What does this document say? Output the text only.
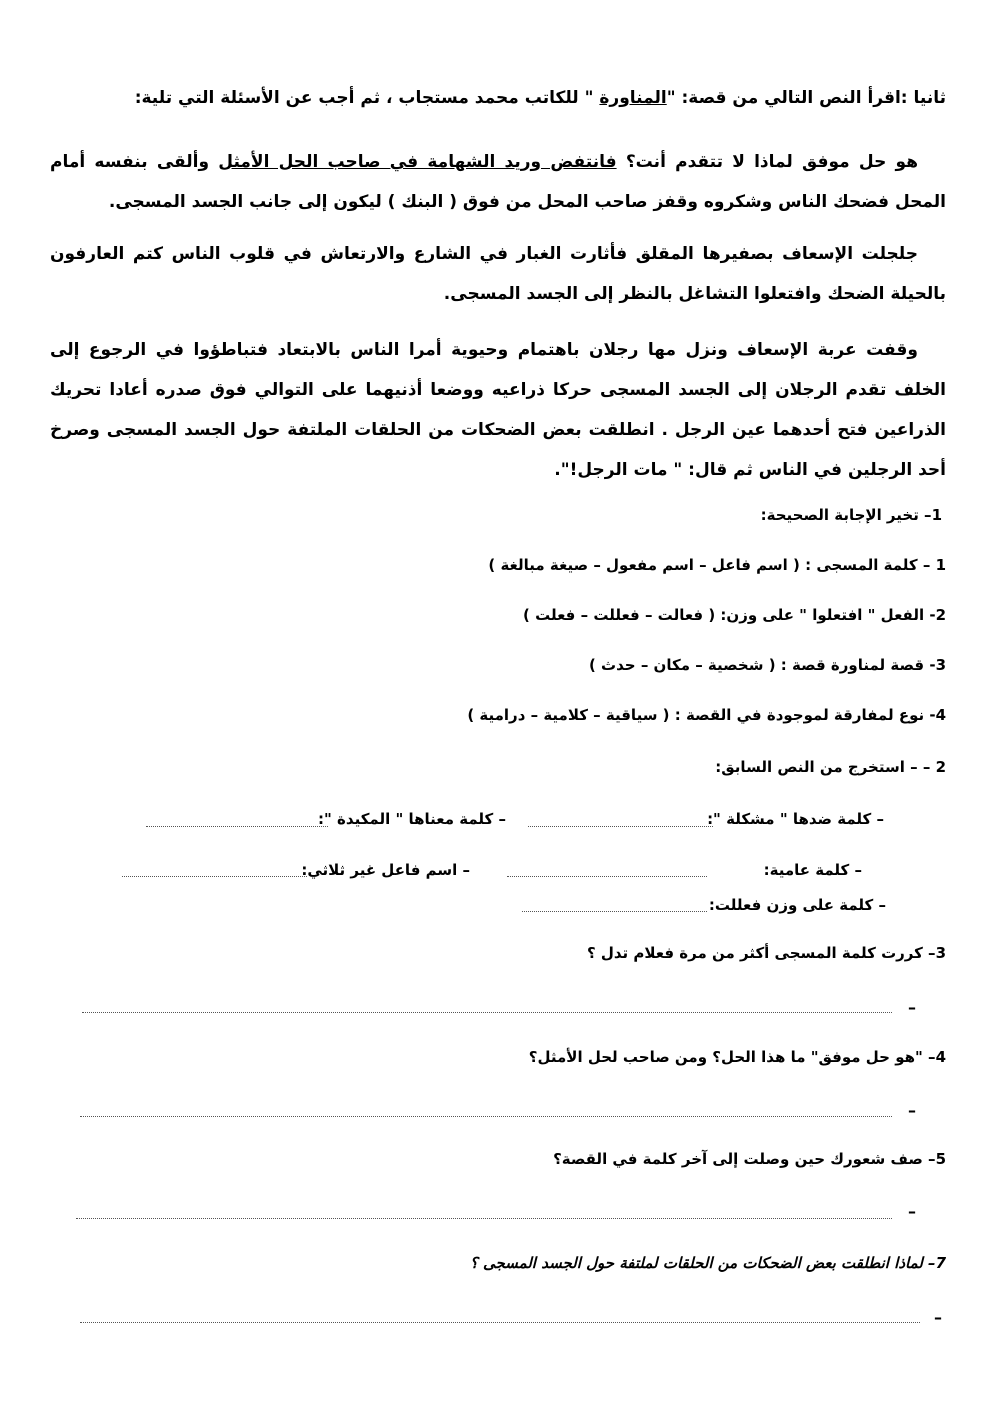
ثانيا :اقرأ النص التالي من قصة: "المناورة " للكاتب محمد مستجاب ، ثم أجب عن الأسئلة التي تلية:
هو حل موفق لماذا لا تتقدم أنت؟ فانتفض وريد الشهامة في صاحب الحل الأمثل وألقى بنفسه أمام المحل فضحك الناس وشكروه وقفز صاحب المحل من فوق ( البنك ) ليكون إلى جانب الجسد المسجى.
جلجلت الإسعاف بصفيرها المقلق فأثارت الغبار في الشارع والارتعاش في قلوب الناس كتم العارفون بالحيلة الضحك وافتعلوا التشاغل بالنظر إلى الجسد المسجى.
وقفت عربة الإسعاف ونزل مها رجلان باهتمام وحيوية أمرا الناس بالابتعاد فتباطؤوا في الرجوع إلى الخلف تقدم الرجلان إلى الجسد المسجى حركا ذراعيه ووضعا أذنيهما على التوالي فوق صدره أعادا تحريك الذراعين فتح أحدهما عين الرجل . انطلقت بعض الضحكات من الحلقات الملتفة حول الجسد المسجى وصرخ أحد الرجلين في الناس ثم قال: " مات الرجل!".
1– تخير الإجابة الصحيحة:
1 – كلمة المسجى : ( اسم فاعل – اسم مفعول – صيغة مبالغة )
2- الفعل " افتعلوا " على وزن: ( فعالت – فعللت – فعلت )
3- قصة لمناورة قصة : ( شخصية – مكان – حدث )
4- نوع لمفارقة لموجودة في القصة : ( سياقية – كلامية – درامية )
2 – – استخرج من النص السابق:
– كلمة ضدها " مشكلة ":
– كلمة معناها " المكيدة ":
– كلمة عامية:
– اسم فاعل غير ثلاثي:
– كلمة على وزن فعللت:
3– كررت كلمة المسجى أكثر من مرة فعلام تدل ؟
–
4– "هو حل موفق" ما هذا الحل؟ ومن صاحب لحل الأمثل؟
–
5– صف شعورك حين وصلت إلى آخر كلمة في القصة؟
–
7– لماذا انطلقت بعض الضحكات من الحلقات لملتفة حول الجسد المسجى ؟
–
